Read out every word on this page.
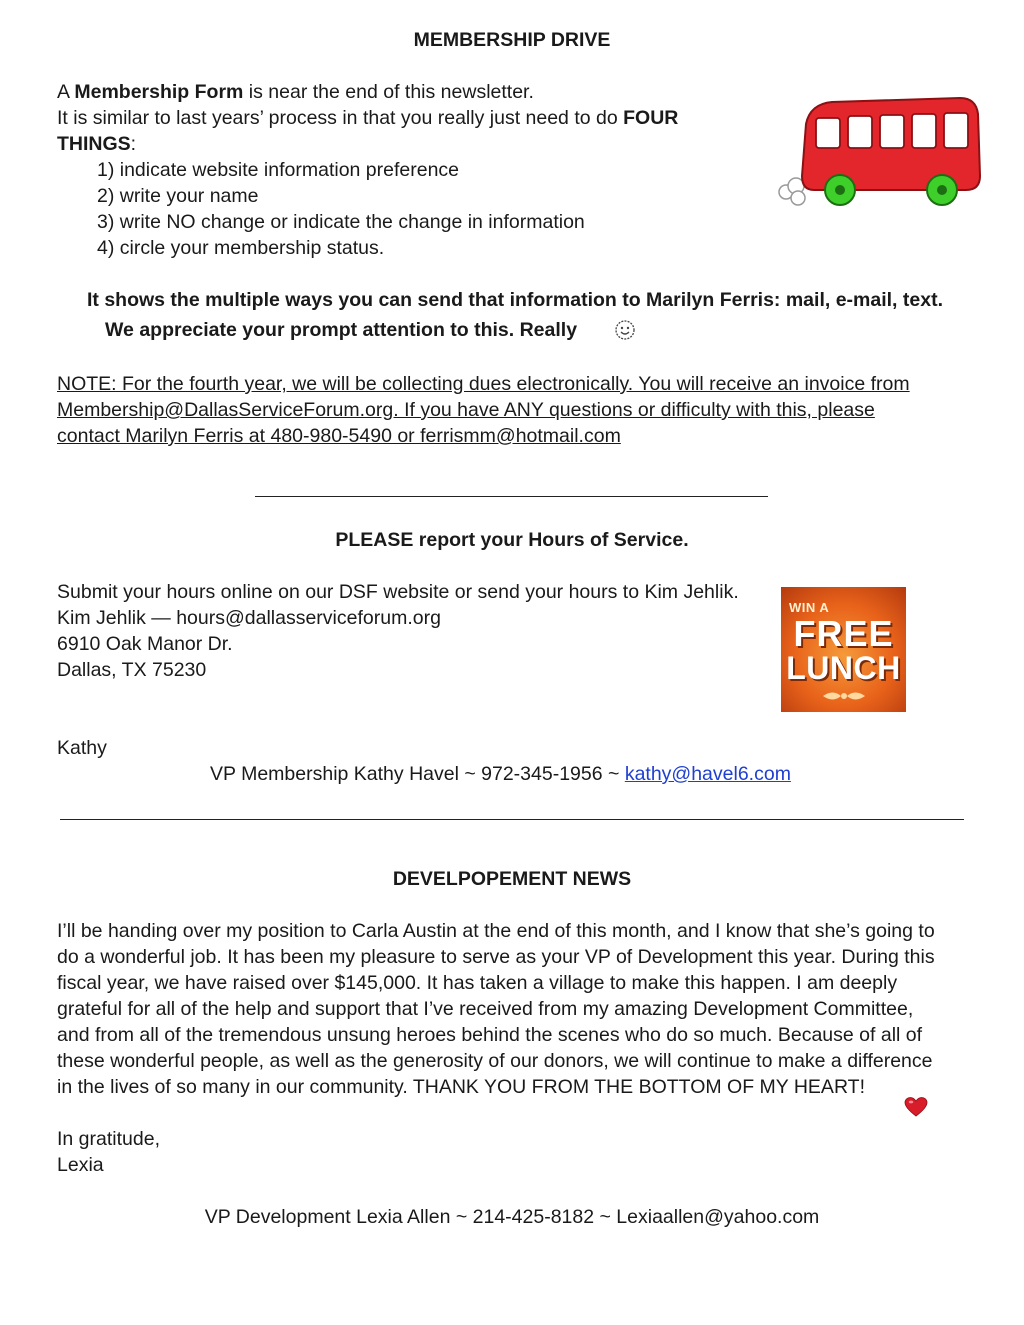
MEMBERSHIP DRIVE
A Membership Form is near the end of this newsletter.
It is similar to last years’ process in that you really just need to do FOUR
THINGS:
1) indicate website information preference
2) write your name
3) write NO change or indicate the change in information
4) circle your membership status.
It shows the multiple ways you can send that information to Marilyn Ferris: mail, e-mail, text.
We appreciate your prompt attention to this. Really
NOTE: For the fourth year, we will be collecting dues electronically. You will receive an invoice from
Membership@DallasServiceForum.org. If you have ANY questions or difficulty with this, please
contact Marilyn Ferris at 480-980-5490 or ferrismm@hotmail.com
PLEASE report your Hours of Service.
Submit your hours online on our DSF website or send your hours to Kim Jehlik.
Kim Jehlik — hours@dallasserviceforum.org
6910 Oak Manor Dr.
Dallas, TX 75230
WIN A
FREE
LUNCH
Kathy
VP Membership Kathy Havel ~ 972-345-1956 ~ kathy@havel6.com
DEVELPOPEMENT NEWS
I’ll be handing over my position to Carla Austin at the end of this month, and I know that she’s going to
do a wonderful job. It has been my pleasure to serve as your VP of Development this year. During this
fiscal year, we have raised over $145,000. It has taken a village to make this happen. I am deeply
grateful for all of the help and support that I’ve received from my amazing Development Committee,
and from all of the tremendous unsung heroes behind the scenes who do so much. Because of all of
these wonderful people, as well as the generosity of our donors, we will continue to make a difference
in the lives of so many in our community. THANK YOU FROM THE BOTTOM OF MY HEART!
In gratitude,
Lexia
VP Development Lexia Allen ~ 214-425-8182 ~ Lexiaallen@yahoo.com
